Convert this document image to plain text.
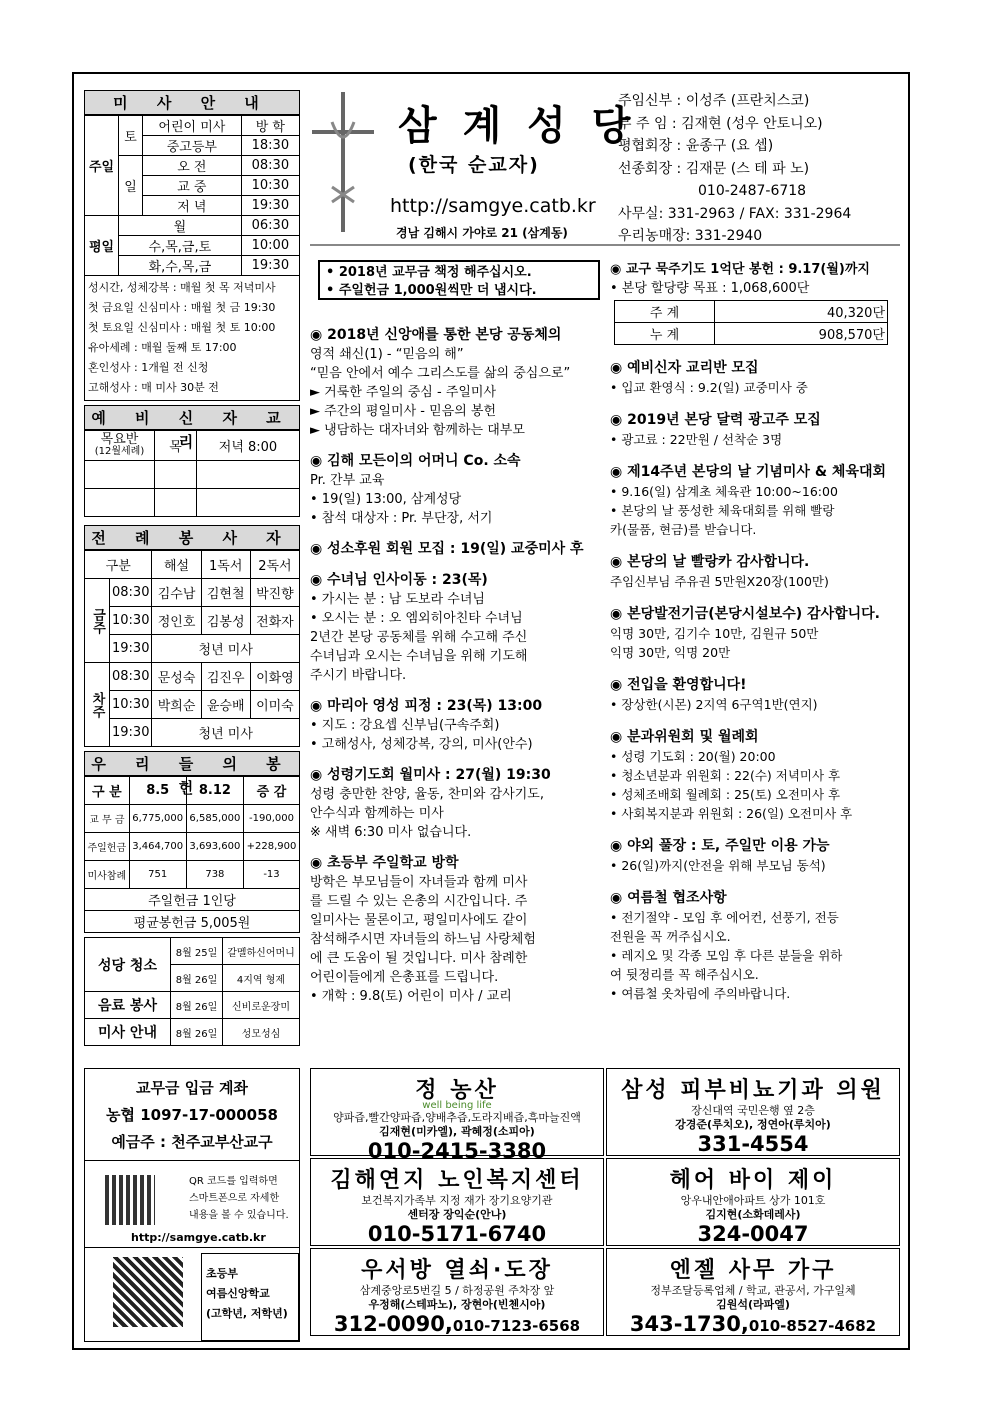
미 사 안 내
주일	토	어린이 미사	방 학
		중고등부	18:30
	일	오 전	08:30
		교 중	10:30
		저 녁	19:30
평일	월		06:30
	수,목,금,토		10:00
	화,수,목,금		19:30
성시간, 성체강복 : 매월 첫 목 저녁미사
첫 금요일 신심미사 : 매월 첫 금 19:30
첫 토요일 신심미사 : 매월 첫 토 10:00
유아세례 : 매월 둘째 토 17:00
혼인성사 : 1개월 전 신청
고해성사 : 매 미사 30분 전
예 비 신 자 교 리
목요반
(12월세례)	목	저녁 8:00

전 례 봉 사 자
구분		해설	1독서	2독서
금주	08:30	김수남	김현철	박진향
	10:30	정인호	김봉성	전화자
	19:30	청년 미사		
차주	08:30	문성숙	김진우	이화영
	10:30	박희순	윤승배	이미숙
	19:30	청년 미사		
우 리 들 의 봉 헌
구 분	8.5	8.12	증 감
교 무 금	6,775,000	6,585,000	-190,000
주일헌금	3,464,700	3,693,600	+228,900
미사참례	751	738	-13
주일헌금 1인당			
평균봉헌금 5,005원			
성당 청소	8월 25일	갈멜하신어머니
	8월 26일	4지역 형제
음료 봉사	8월 26일	신비로운장미
미사 안내	8월 26일	성모성심
교무금 입금 계좌
농협 1097-17-000058
예금주 : 천주교부산교구
QR 코드를 입력하면
스마트폰으로 자세한
내용을 볼 수 있습니다.
http://samgye.catb.kr
초등부
여름신앙학교
(고학년, 저학년)
삼 계 성 당
(한국 순교자)
http://samgye.catb.kr
경남 김해시 가야로 21 (삼계동)
주임신부 : 이성주 (프란치스코)
부 주 임 : 김재현 (성우 안토니오)
평협회장 : 윤종구 (요 셉)
선종회장 : 김재문 (스 테 파 노)
010-2487-6718
사무실: 331-2963 / FAX: 331-2964
우리농매장: 331-2940
• 2018년 교무금 책정 해주십시오.
• 주일헌금 1,000원씩만 더 냅시다.
◉ 2018년 신앙애를 통한 본당 공동체의
영적 쇄신(1) - “믿음의 해”
“믿음 안에서 예수 그리스도를 삶의 중심으로”
► 거룩한 주일의 중심 - 주일미사
► 주간의 평일미사 - 믿음의 봉헌
► 냉담하는 대자녀와 함께하는 대부모
◉ 김해 모든이의 어머니 Co. 소속
Pr. 간부 교육
• 19(일) 13:00, 삼계성당
• 참석 대상자 : Pr. 부단장, 서기
◉ 성소후원 회원 모집 : 19(일) 교중미사 후
◉ 수녀님 인사이동 : 23(목)
• 가시는 분 : 남 도보라 수녀님
• 오시는 분 : 오 엠외히아친타 수녀님
2년간 본당 공동체를 위해 수고해 주신
수녀님과 오시는 수녀님을 위해 기도해
주시기 바랍니다.
◉ 마리아 영성 피정 : 23(목) 13:00
• 지도 : 강요셉 신부님(구속주회)
• 고해성사, 성체강복, 강의, 미사(안수)
◉ 성령기도회 월미사 : 27(월) 19:30
성령 충만한 찬양, 율동, 찬미와 감사기도,
안수식과 함께하는 미사
※ 새벽 6:30 미사 없습니다.
◉ 초등부 주일학교 방학
방학은 부모님들이 자녀들과 함께 미사
를 드릴 수 있는 은총의 시간입니다. 주
일미사는 물론이고, 평일미사에도 같이
참석해주시면 자녀들의 하느님 사랑체험
에 큰 도움이 될 것입니다. 미사 참례한
어린이들에게 은총표를 드립니다.
• 개학 : 9.8(토) 어린이 미사 / 교리
◉ 교구 묵주기도 1억단 봉헌 : 9.17(월)까지
• 본당 할당량 목표 : 1,068,600단
주 계	40,320단
누 계	908,570단
◉ 예비신자 교리반 모집
• 입교 환영식 : 9.2(일) 교중미사 중
◉ 2019년 본당 달력 광고주 모집
• 광고료 : 22만원 / 선착순 3명
◉ 제14주년 본당의 날 기념미사 & 체육대회
• 9.16(일) 삼계초 체육관 10:00~16:00
• 본당의 날 풍성한 체육대회를 위해 빨랑
카(물품, 현금)를 받습니다.
◉ 본당의 날 빨랑카 감사합니다.
주임신부님 주유권 5만원X20장(100만)
◉ 본당발전기금(본당시설보수) 감사합니다.
익명 30만, 김기수 10만, 김원규 50만
익명 30만, 익명 20만
◉ 전입을 환영합니다!
• 장상한(시몬) 2지역 6구역1반(연지)
◉ 분과위원회 및 월례회
• 성령 기도회 : 20(월) 20:00
• 청소년분과 위원회 : 22(수) 저녁미사 후
• 성체조배회 월례회 : 25(토) 오전미사 후
• 사회복지분과 위원회 : 26(일) 오전미사 후
◉ 야외 풀장 : 토, 주일만 이용 가능
• 26(일)까지(안전을 위해 부모님 동석)
◉ 여름철 협조사항
• 전기절약 - 모임 후 에어컨, 선풍기, 전등
전원을 꼭 꺼주십시오.
• 레지오 및 각종 모임 후 다른 분들을 위하
여 뒷정리를 꼭 해주십시오.
• 여름철 옷차림에 주의바랍니다.
정 농산
well being life
양파즙,빨간양파즙,양배추즙,도라지배즙,흑마늘진액
김재현(미카엘), 곽혜정(소피아)
010-2415-3380
삼성 피부비뇨기과 의원
장신대역 국민은행 옆 2층
강경준(루치오), 정연아(루치아)
331-4554
김해연지 노인복지센터
보건복지가족부 지정 재가 장기요양기관
센터장 장익순(안나)
010-5171-6740
헤어 바이 제이
앙우내안애아파트 상가 101호
김지현(소화데레사)
324-0047
우서방 열쇠·도장
삼계중앙로5번길 5 / 하정공원 주차장 앞
우정해(스테파노), 장현아(빈첸시아)
312-0090,010-7123-6568
엔젤 사무 가구
정부조달등록업체 / 학교, 관공서, 가구일체
김원석(라파엘)
343-1730,010-8527-4682
